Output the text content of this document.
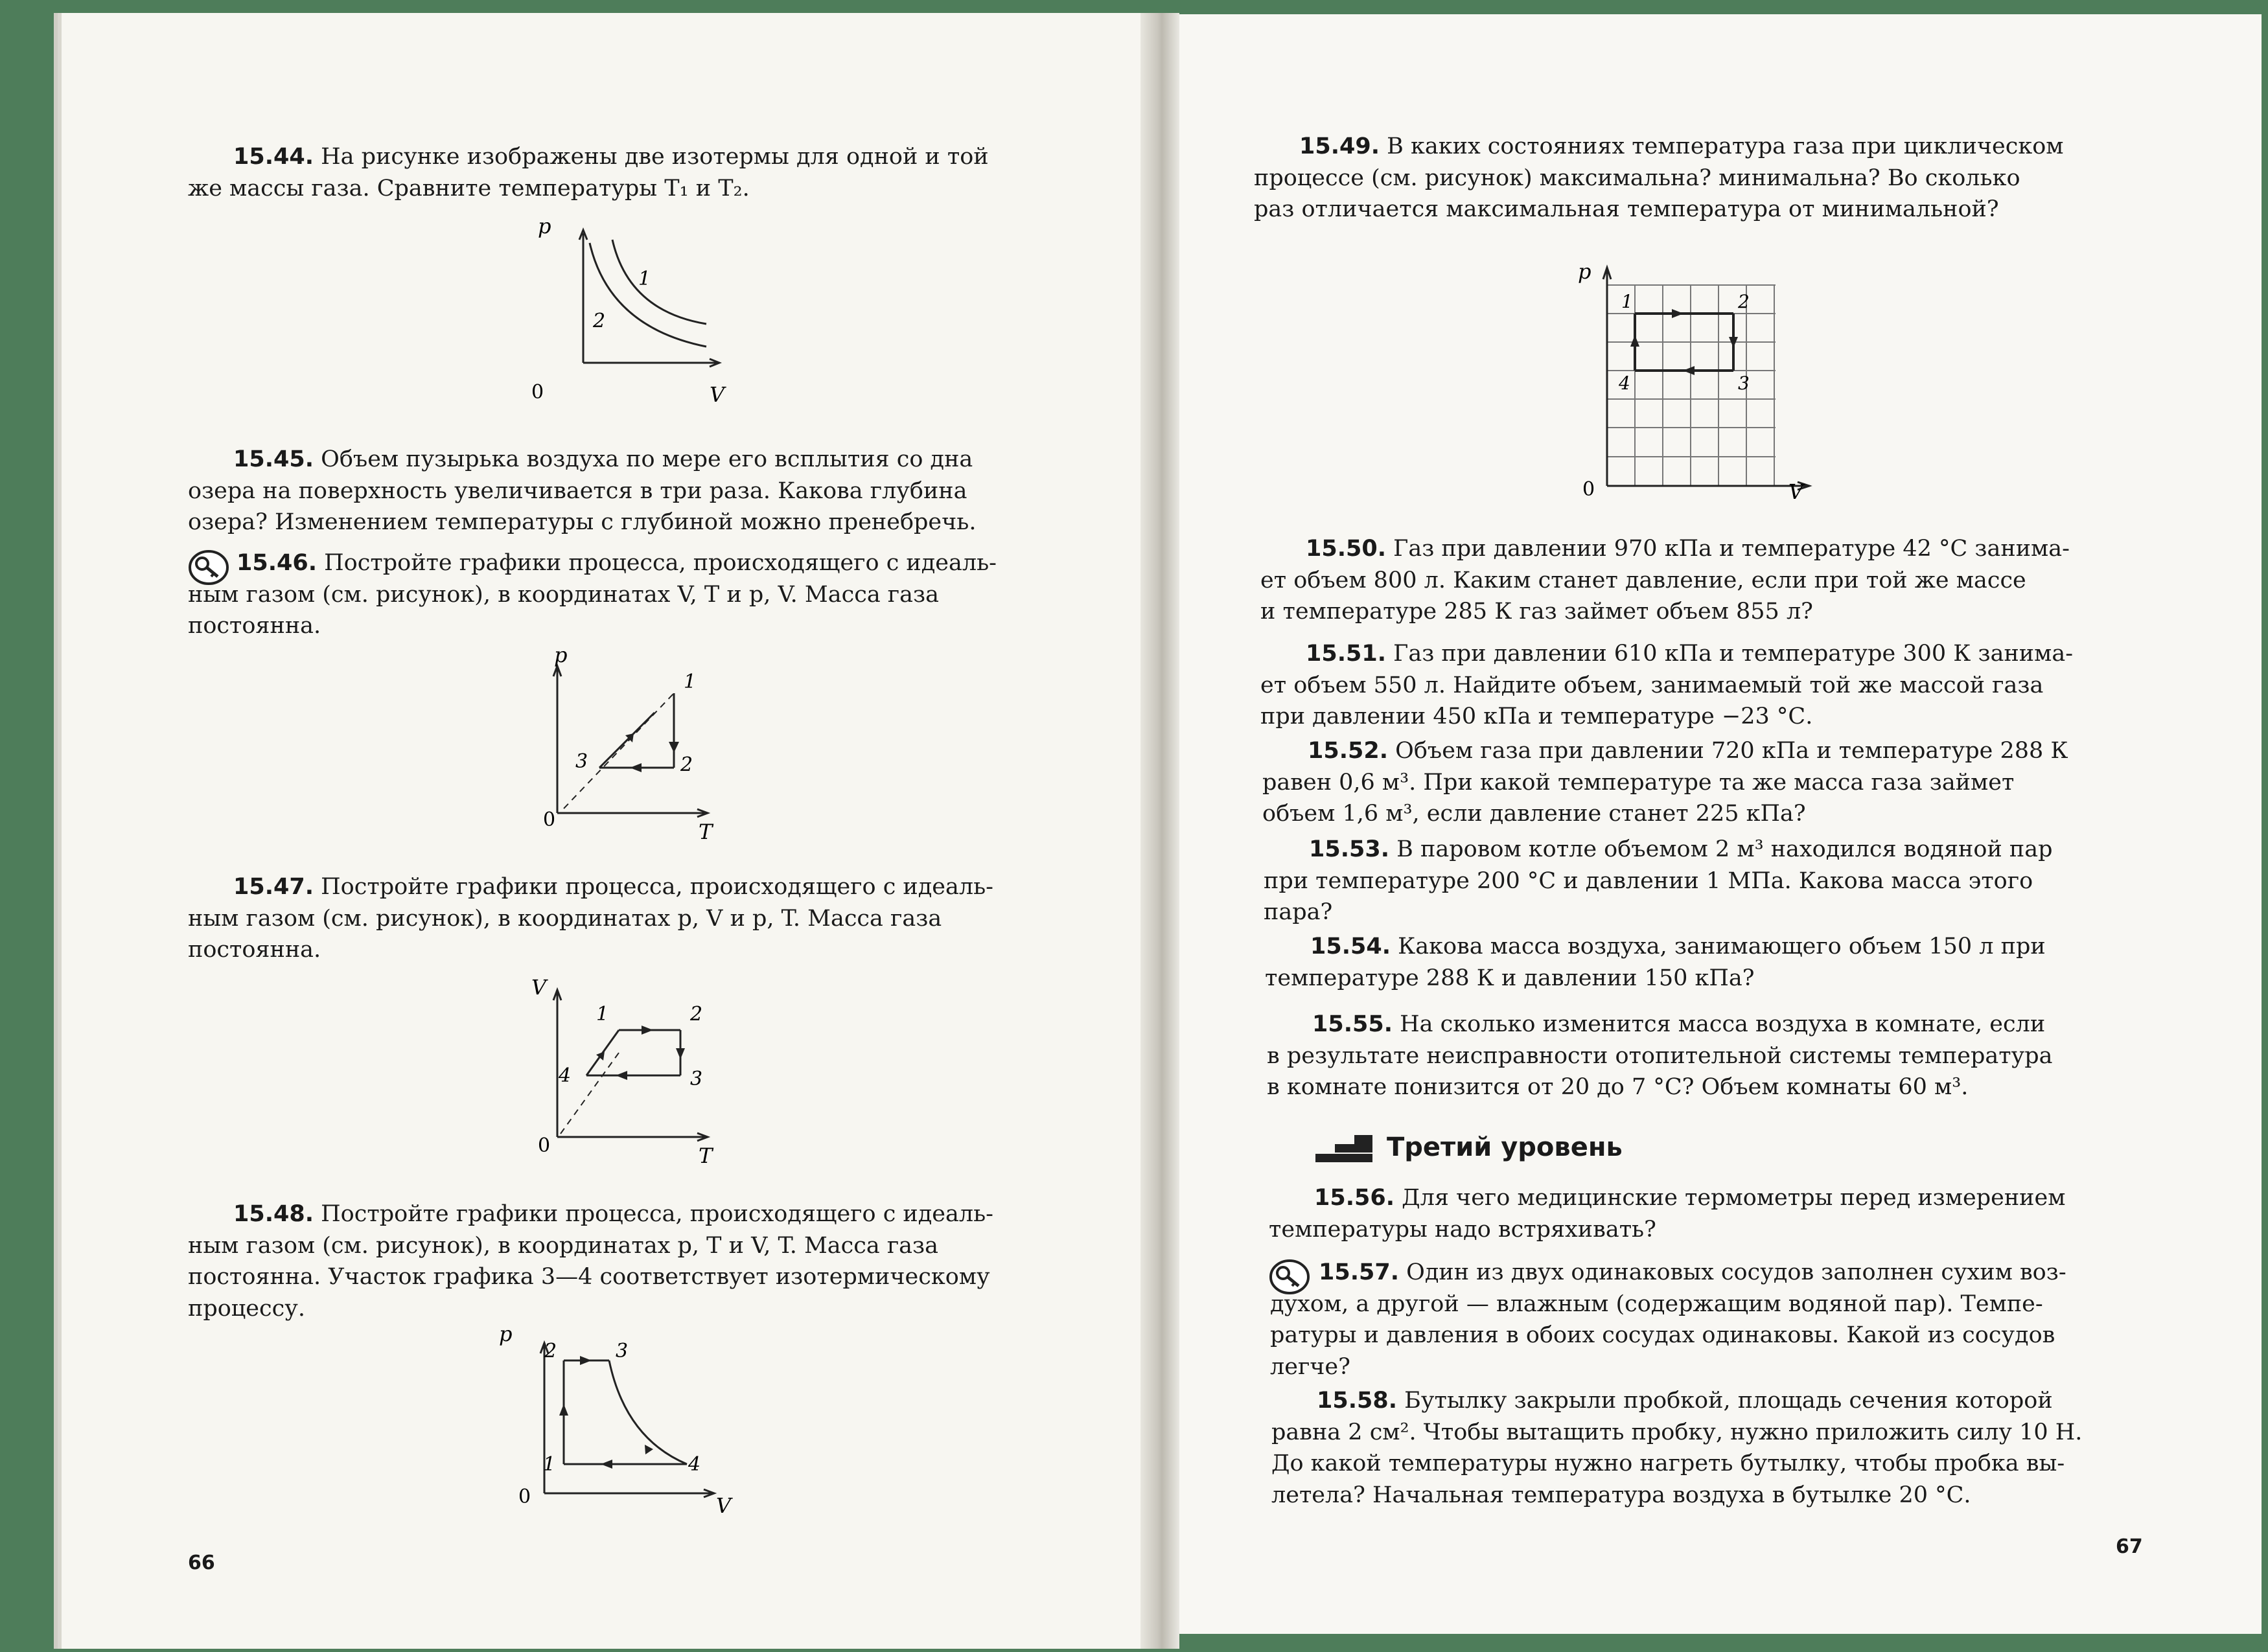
15.44. На рисунке изображены две изотермы для одной и той
же массы газа. Сравните температуры T₁ и T₂.
p
V
0
1
2
15.45. Объем пузырька воздуха по мере его всплытия со дна
озера на поверхность увеличивается в три раза. Какова глубина
озера? Изменением температуры с глубиной можно пренебречь.
15.46. Постройте графики процесса, происходящего с идеаль-
ным газом (см. рисунок), в координатах V, T и p, V. Масса газа
постоянна.
p
T
0
1
2
3
15.47. Постройте графики процесса, происходящего с идеаль-
ным газом (см. рисунок), в координатах p, V и p, T. Масса газа
постоянна.
V
T
0
1	2
3
4
15.48. Постройте графики процесса, происходящего с идеаль-
ным газом (см. рисунок), в координатах p, T и V, T. Масса газа
постоянна. Участок графика 3—4 соответствует изотермическому
процессу.
p
V
0
1
2	3
4
66
15.49. В каких состояниях температура газа при циклическом
процессе (см. рисунок) максимальна? минимальна? Во сколько
раз отличается максимальная температура от минимальной?
p
V
0
1	2
3
4
15.50. Газ при давлении 970 кПа и температуре 42 °С занима-
ет объем 800 л. Каким станет давление, если при той же массе
и температуре 285 К газ займет объем 855 л?
15.51. Газ при давлении 610 кПа и температуре 300 К занима-
ет объем 550 л. Найдите объем, занимаемый той же массой газа
при давлении 450 кПа и температуре −23 °С.
15.52. Объем газа при давлении 720 кПа и температуре 288 К
равен 0,6 м³. При какой температуре та же масса газа займет
объем 1,6 м³, если давление станет 225 кПа?
15.53. В паровом котле объемом 2 м³ находился водяной пар
при температуре 200 °С и давлении 1 МПа. Какова масса этого
пара?
15.54. Какова масса воздуха, занимающего объем 150 л при
температуре 288 К и давлении 150 кПа?
15.55. На сколько изменится масса воздуха в комнате, если
в результате неисправности отопительной системы температура
в комнате понизится от 20 до 7 °С? Объем комнаты 60 м³.
Третий уровень
15.56. Для чего медицинские термометры перед измерением
температуры надо встряхивать?
15.57. Один из двух одинаковых сосудов заполнен сухим воз-
духом, а другой — влажным (содержащим водяной пар). Темпе-
ратуры и давления в обоих сосудах одинаковы. Какой из сосудов
легче?
15.58. Бутылку закрыли пробкой, площадь сечения которой
равна 2 см². Чтобы вытащить пробку, нужно приложить силу 10 Н.
До какой температуры нужно нагреть бутылку, чтобы пробка вы-
летела? Начальная температура воздуха в бутылке 20 °С.
67
